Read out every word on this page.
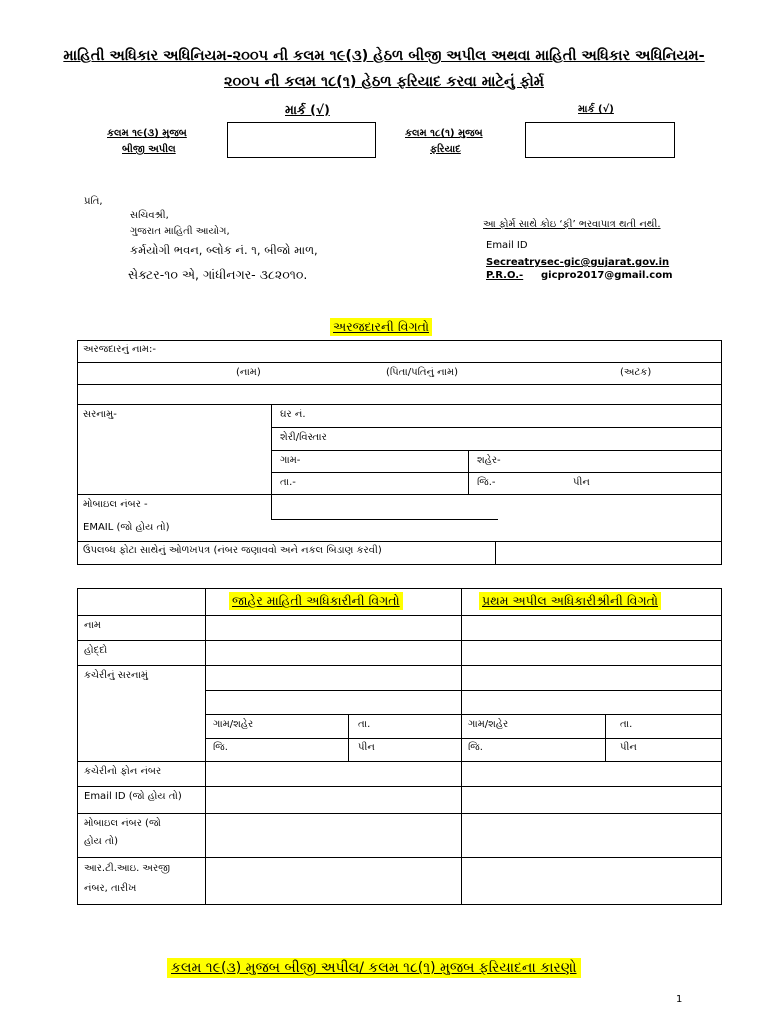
માહિતી અધિકાર અધિનિયમ-૨૦૦૫ ની કલમ ૧૯(૩) હેઠળ બીજી અપીલ અથવા માહિતી અધિકાર અધિનિયમ-
૨૦૦૫ ની કલમ ૧૮(૧) હેઠળ ફરિયાદ કરવા માટેનું ફોર્મ
માર્ક (√)	માર્ક (√)
કલમ ૧૯(૩) મુજબ
બીજી અપીલ
કલમ ૧૮(૧) મુજબ
ફરિયાદ
પ્રતિ,
સચિવશ્રી,
ગુજરાત માહિતી આયોગ,
કર્મયોગી ભવન, બ્લોક નં. ૧, બીજો માળ,
સેક્ટર-૧૦ એ, ગાંધીનગર- ૩૮૨૦૧૦.
આ ફોર્મ સાથે કોઇ ‘ફી’ ભરવાપાત્ર થતી નથી.
Email ID
Secreatry-
sec-gic@gujarat.gov.in
P.R.O.- gicpro2017@gmail.com
અરજદારની વિગતો
અરજદારનું નામ:-
(નામ)	(પિતા/પતિનું નામ)	(અટક)
સરનામુ-	ઘર નં.
શેરી/વિસ્તાર
ગામ-	શહેર-
તા.-	જિ.-	પીન
મોબાઇલ નંબર -
EMAIL (જો હોય તો)
ઉપલબ્ધ ફોટા સાથેનું ઓળખપત્ર (નંબર જણાવવો અને નકલ બિડાણ કરવી)
જાહેર માહિતી અધિકારીની વિગતો	પ્રથમ અપીલ અધિકારીશ્રીની વિગતો
નામ
હોદ્દો
કચેરીનું સરનામું
ગામ/શહેર	તા.	ગામ/શહેર	તા.
જિ.	પીન	જિ.	પીન
કચેરીનો ફોન નંબર
Email ID (જો હોય તો)
મોબાઇલ નંબર (જો
હોય તો)
આર.ટી.આઇ. અરજી
નંબર, તારીખ
કલમ ૧૯(૩) મુજબ બીજી અપીલ/ કલમ ૧૮(૧) મુજબ ફરિયાદના કારણો
1
